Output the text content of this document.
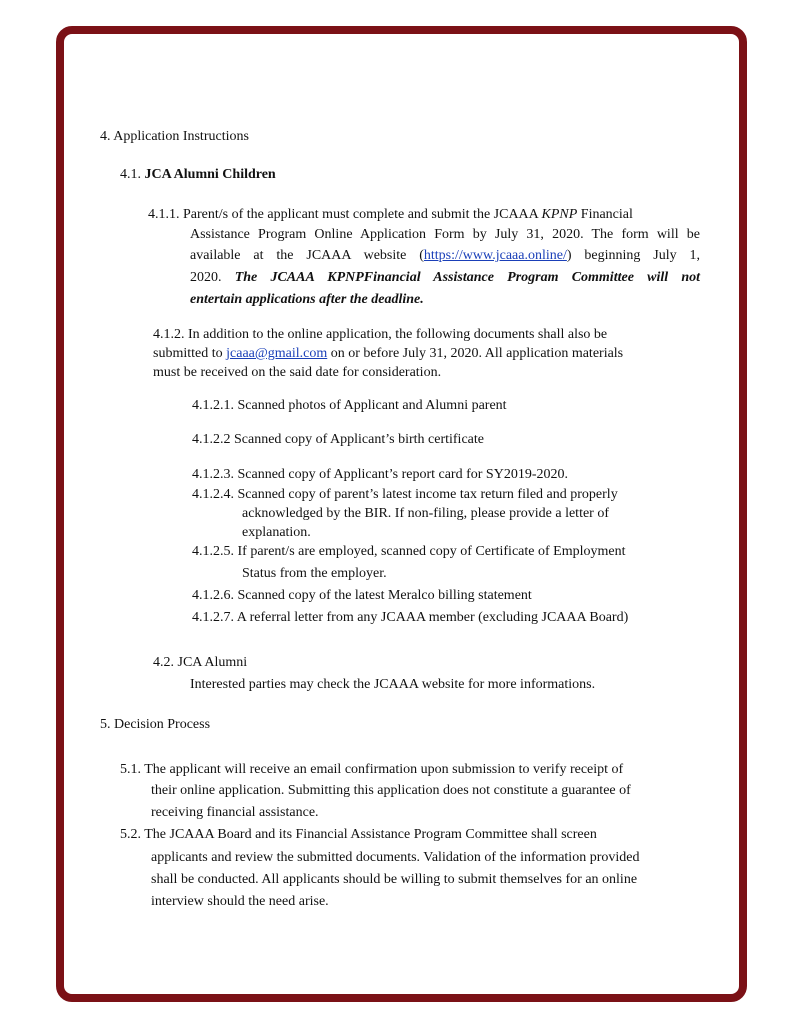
4. Application Instructions
4.1. JCA Alumni Children
4.1.1. Parent/s of the applicant must complete and submit the JCAAA KPNP Financial
Assistance Program Online Application Form by July 31, 2020. The form will be
available at the JCAAA website (https://www.jcaaa.online/) beginning July 1,
2020. The JCAAA KPNPFinancial Assistance Program Committee will not
entertain applications after the deadline.
4.1.2. In addition to the online application, the following documents shall also be
submitted to jcaaa@gmail.com on or before July 31, 2020. All application materials
must be received on the said date for consideration.
4.1.2.1. Scanned photos of Applicant and Alumni parent
4.1.2.2 Scanned copy of Applicant’s birth certificate
4.1.2.3. Scanned copy of Applicant’s report card for SY2019-2020.
4.1.2.4. Scanned copy of parent’s latest income tax return filed and properly
acknowledged by the BIR. If non-filing, please provide a letter of
explanation.
4.1.2.5. If parent/s are employed, scanned copy of Certificate of Employment
Status from the employer.
4.1.2.6. Scanned copy of the latest Meralco billing statement
4.1.2.7. A referral letter from any JCAAA member (excluding JCAAA Board)
4.2. JCA Alumni
Interested parties may check the JCAAA website for more informations.
5. Decision Process
5.1. The applicant will receive an email confirmation upon submission to verify receipt of
their online application. Submitting this application does not constitute a guarantee of
receiving financial assistance.
5.2. The JCAAA Board and its Financial Assistance Program Committee shall screen
applicants and review the submitted documents. Validation of the information provided
shall be conducted. All applicants should be willing to submit themselves for an online
interview should the need arise.
